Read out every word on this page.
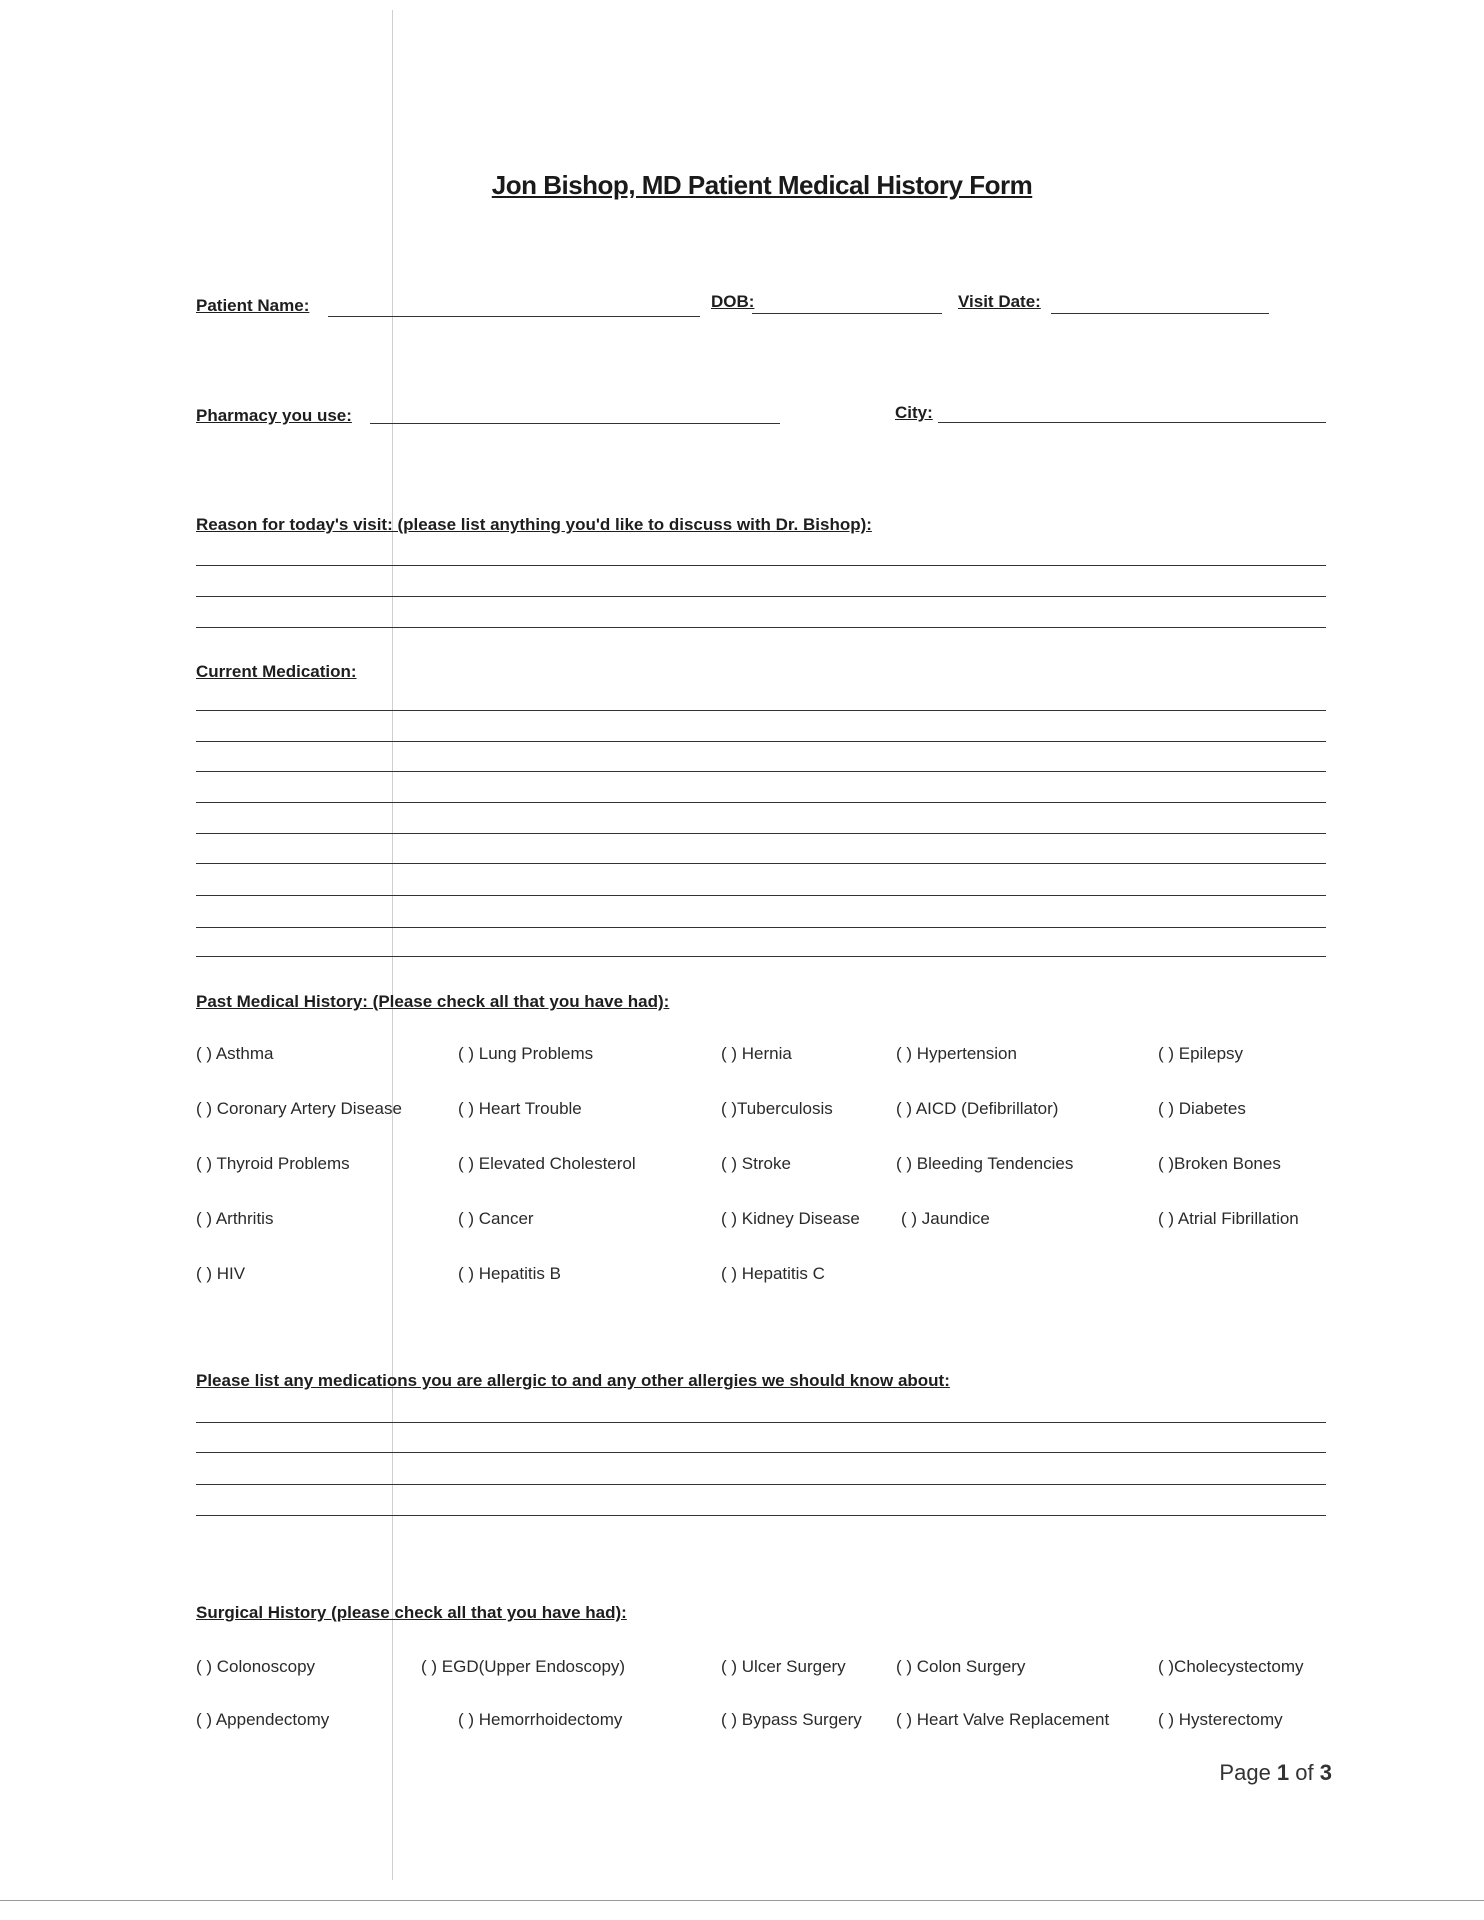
Jon Bishop, MD Patient Medical History Form
Patient Name:	DOB:	Visit Date:
Pharmacy you use:	City:
Reason for today's visit: (please list anything you'd like to discuss with Dr. Bishop):
Current Medication:
Past Medical History: (Please check all that you have had):
( ) Asthma	( ) Lung Problems	( ) Hernia	( ) Hypertension	( ) Epilepsy
( ) Coronary Artery Disease	( ) Heart Trouble	( )Tuberculosis	( ) AICD (Defibrillator)	( ) Diabetes
( ) Thyroid Problems	( ) Elevated Cholesterol	( ) Stroke	( ) Bleeding Tendencies	( )Broken Bones
( ) Arthritis	( ) Cancer	( ) Kidney Disease ( ) Jaundice	( ) Atrial Fibrillation
( ) HIV	( ) Hepatitis B	( ) Hepatitis C
Please list any medications you are allergic to and any other allergies we should know about:
Surgical History (please check all that you have had):
( ) Colonoscopy	( ) EGD(Upper Endoscopy)	( ) Ulcer Surgery	( ) Colon Surgery	( )Cholecystectomy
( ) Appendectomy	( ) Hemorrhoidectomy	( ) Bypass Surgery ( ) Heart Valve Replacement	( ) Hysterectomy
Page 1 of 3
